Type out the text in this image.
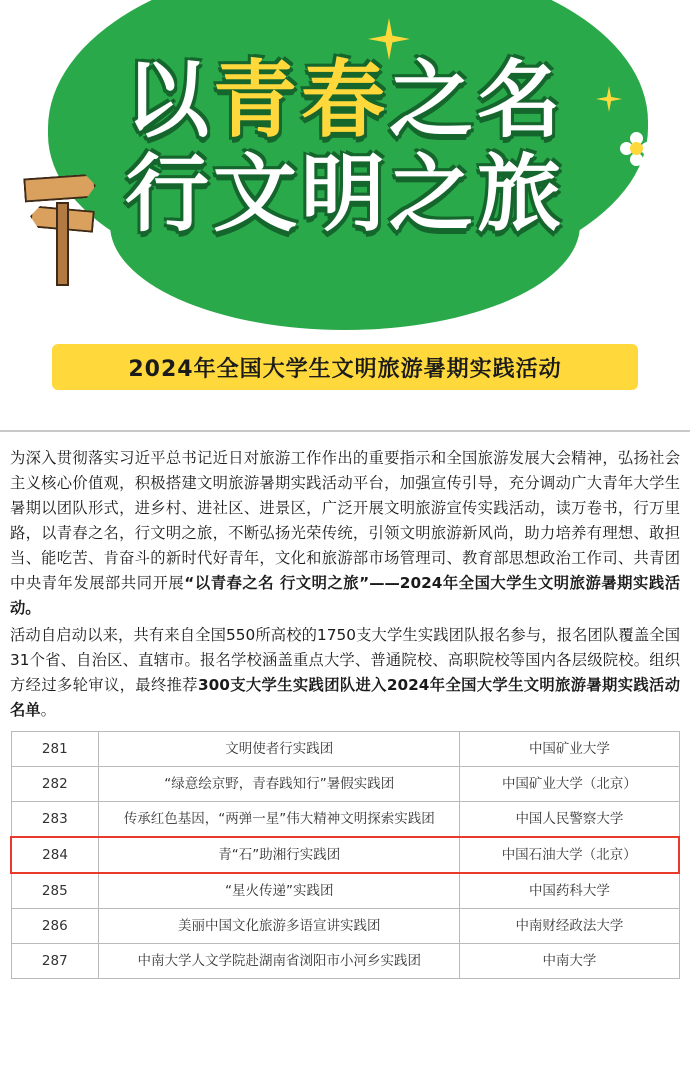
以青春之名
行文明之旅
2024年全国大学生文明旅游暑期实践活动

为深入贯彻落实习近平总书记近日对旅游工作作出的重要指示和全国旅游发展大会精神，弘扬社会主义核心价值观，积极搭建文明旅游暑期实践活动平台，加强宣传引导，充分调动广大青年大学生暑期以团队形式，进乡村、进社区、进景区，广泛开展文明旅游宣传实践活动，读万卷书，行万里路，以青春之名，行文明之旅，不断弘扬光荣传统，引领文明旅游新风尚，助力培养有理想、敢担当、能吃苦、肯奋斗的新时代好青年，文化和旅游部市场管理司、教育部思想政治工作司、共青团中央青年发展部共同开展“以青春之名 行文明之旅”——2024年全国大学生文明旅游暑期实践活动。

活动自启动以来，共有来自全国550所高校的1750支大学生实践团队报名参与，报名团队覆盖全国31个省、自治区、直辖市。报名学校涵盖重点大学、普通院校、高职院校等国内各层级院校。组织方经过多轮审议，最终推荐300支大学生实践团队进入2024年全国大学生文明旅游暑期实践活动名单。

281	文明使者行实践团	中国矿业大学
282	“绿意绘京野，青春践知行”暑假实践团	中国矿业大学（北京）
283	传承红色基因，“两弹一星”伟大精神文明探索实践团	中国人民警察大学
284	青“石”助湘行实践团	中国石油大学（北京）
285	“星火传递”实践团	中国药科大学
286	美丽中国文化旅游多语宣讲实践团	中南财经政法大学
287	中南大学人文学院赴湖南省浏阳市小河乡实践团	中南大学
